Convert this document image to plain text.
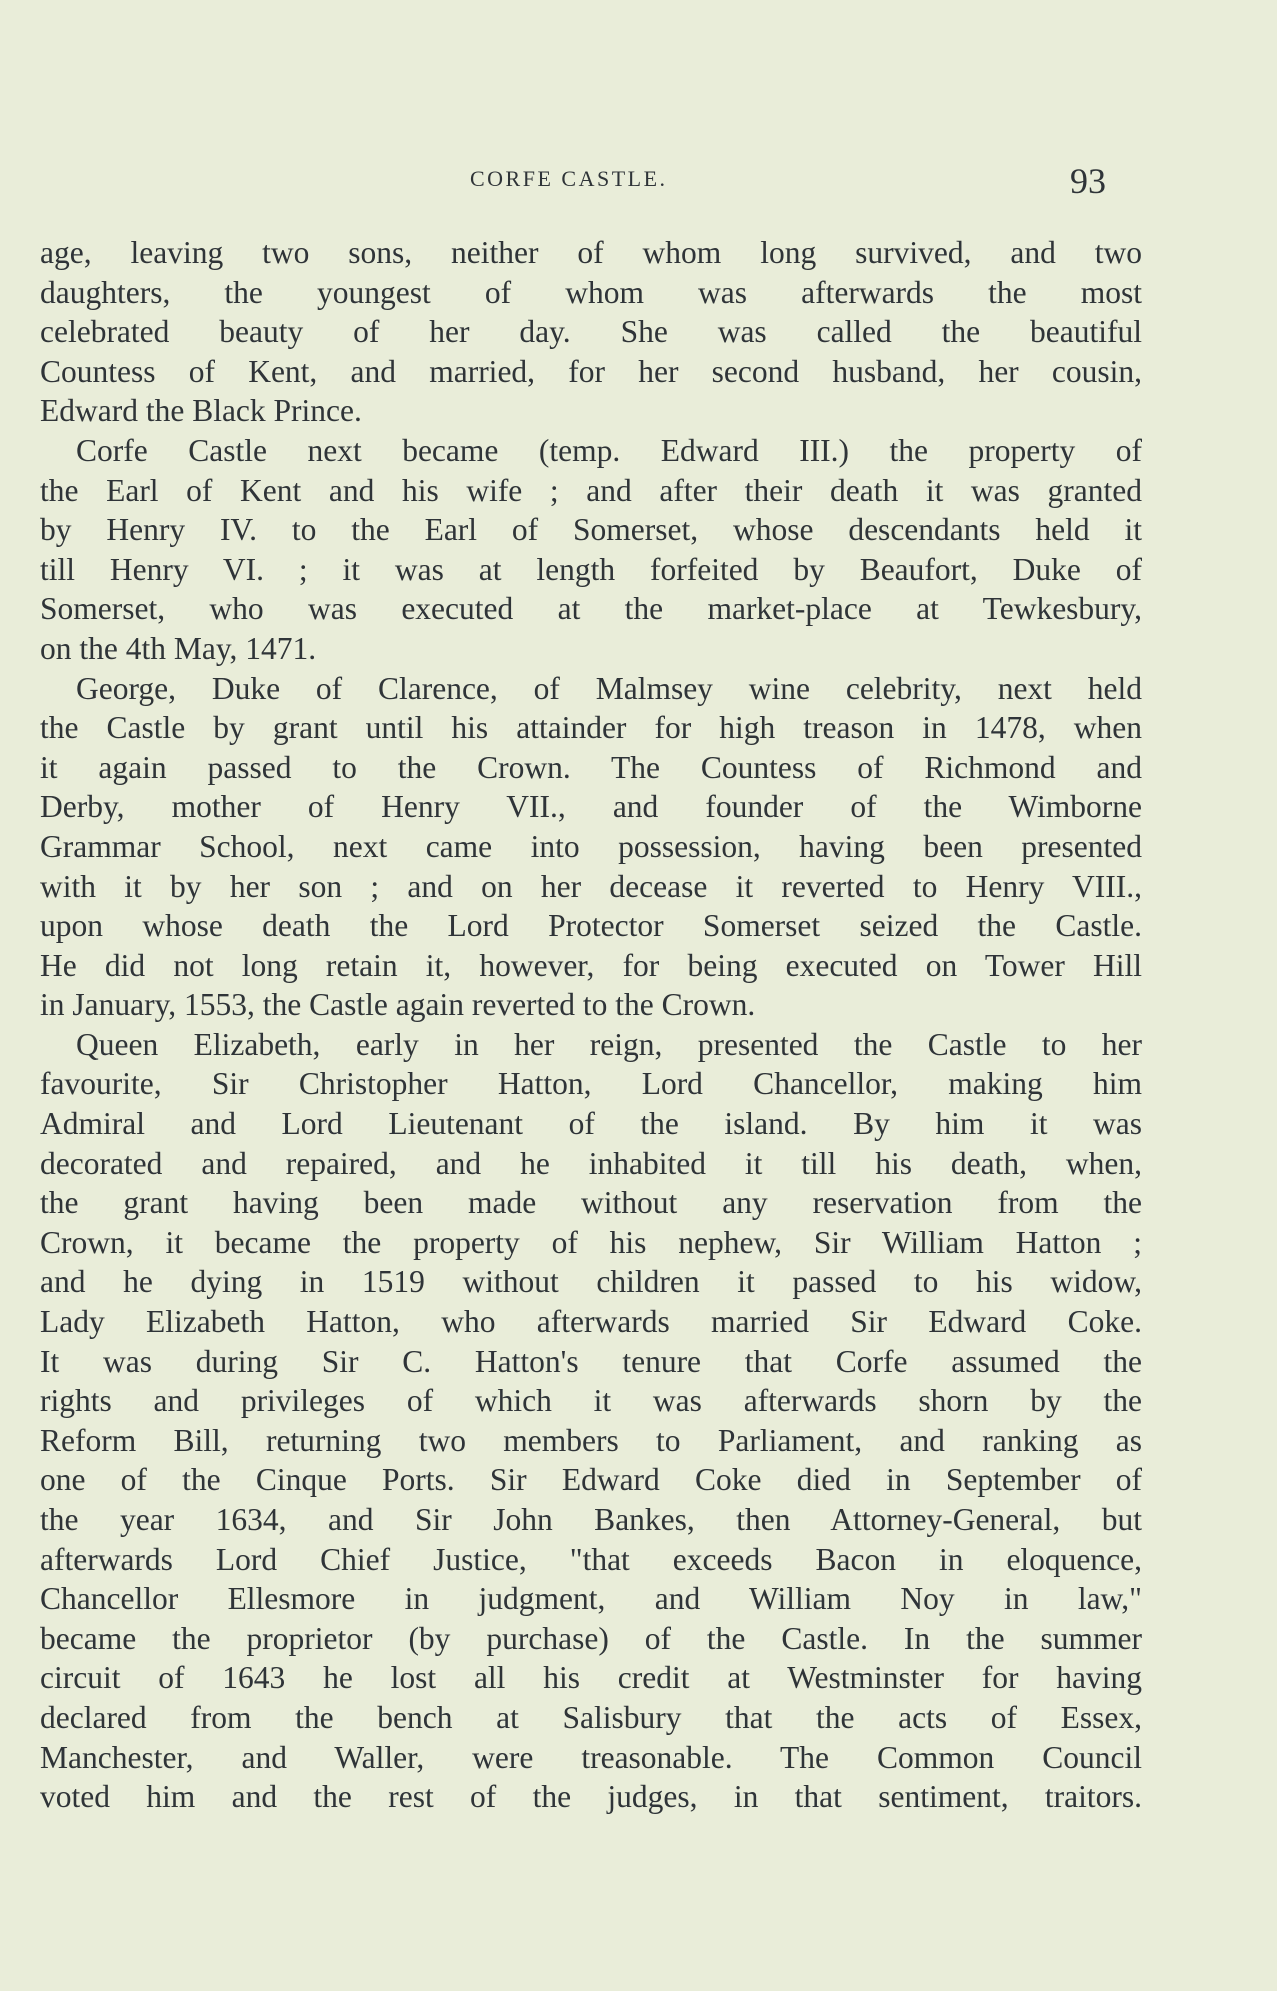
CORFE CASTLE.	93
age, leaving two sons, neither of whom long survived, and two
daughters, the youngest of whom was afterwards the most
celebrated beauty of her day. She was called the beautiful
Countess of Kent, and married, for her second husband, her cousin,
Edward the Black Prince.
Corfe Castle next became (temp. Edward III.) the property of
the Earl of Kent and his wife ; and after their death it was granted
by Henry IV. to the Earl of Somerset, whose descendants held it
till Henry VI. ; it was at length forfeited by Beaufort, Duke of
Somerset, who was executed at the market-place at Tewkesbury,
on the 4th May, 1471.
George, Duke of Clarence, of Malmsey wine celebrity, next held
the Castle by grant until his attainder for high treason in 1478, when
it again passed to the Crown. The Countess of Richmond and
Derby, mother of Henry VII., and founder of the Wimborne
Grammar School, next came into possession, having been presented
with it by her son ; and on her decease it reverted to Henry VIII.,
upon whose death the Lord Protector Somerset seized the Castle.
He did not long retain it, however, for being executed on Tower Hill
in January, 1553, the Castle again reverted to the Crown.
Queen Elizabeth, early in her reign, presented the Castle to her
favourite, Sir Christopher Hatton, Lord Chancellor, making him
Admiral and Lord Lieutenant of the island. By him it was
decorated and repaired, and he inhabited it till his death, when,
the grant having been made without any reservation from the
Crown, it became the property of his nephew, Sir William Hatton ;
and he dying in 1519 without children it passed to his widow,
Lady Elizabeth Hatton, who afterwards married Sir Edward Coke.
It was during Sir C. Hatton's tenure that Corfe assumed the
rights and privileges of which it was afterwards shorn by the
Reform Bill, returning two members to Parliament, and ranking as
one of the Cinque Ports. Sir Edward Coke died in September of
the year 1634, and Sir John Bankes, then Attorney-General, but
afterwards Lord Chief Justice, "that exceeds Bacon in eloquence,
Chancellor Ellesmore in judgment, and William Noy in law,"
became the proprietor (by purchase) of the Castle. In the summer
circuit of 1643 he lost all his credit at Westminster for having
declared from the bench at Salisbury that the acts of Essex,
Manchester, and Waller, were treasonable. The Common Council
voted him and the rest of the judges, in that sentiment, traitors.
